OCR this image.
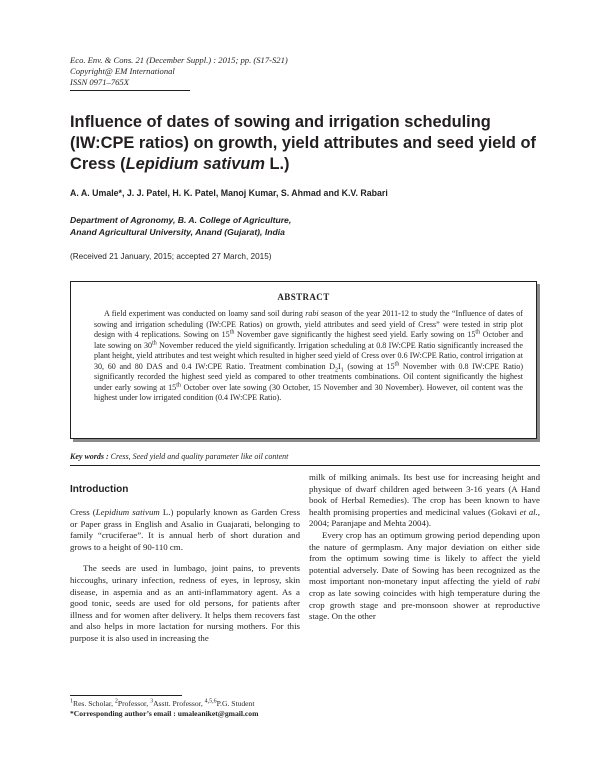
Eco. Env. & Cons. 21 (December Suppl.) : 2015; pp. (S17-S21)
Copyright@ EM International
ISSN 0971–765X
Influence of dates of sowing and irrigation scheduling (IW:CPE ratios) on growth, yield attributes and seed yield of Cress (Lepidium sativum L.)
A. A. Umale*, J. J. Patel, H. K. Patel, Manoj Kumar, S. Ahmad and K.V. Rabari
Department of Agronomy, B. A. College of Agriculture,
Anand Agricultural University, Anand (Gujarat), India
(Received 21 January, 2015; accepted 27 March, 2015)
ABSTRACT

A field experiment was conducted on loamy sand soil during rabi season of the year 2011-12 to study the “Influence of dates of sowing and irrigation scheduling (IW:CPE Ratios) on growth, yield attributes and seed yield of Cress” were tested in strip plot design with 4 replications. Sowing on 15th November gave significantly the highest seed yield. Early sowing on 15th October and late sowing on 30th November reduced the yield significantly. Irrigation scheduling at 0.8 IW:CPE Ratio significantly increased the plant height, yield attributes and test weight which resulted in higher seed yield of Cress over 0.6 IW:CPE Ratio, control irrigation at 30, 60 and 80 DAS and 0.4 IW:CPE Ratio. Treatment combination $D_2I_1$ (sowing at 15th November with 0.8 IW:CPE Ratio) significantly recorded the highest seed yield as compared to other treatments combinations. Oil content significantly the highest under early sowing at 15th October over late sowing (30 October, 15 November and 30 November). However, oil content was the highest under low irrigated condition (0.4 IW:CPE Ratio).

Key words : Cress, Seed yield and quality parameter like oil content
Introduction

Cress (Lepidium sativum L.) popularly known as Garden Cress or Paper grass in English and Asalio in Guajarati, belonging to family “cruciferae”. It is annual herb of short duration and grows to a height of 90-110 cm.

The seeds are used in lumbago, joint pains, to prevents hiccoughs, urinary infection, redness of eyes, in leprosy, skin disease, in aspemia and as an anti-inflammatory agent. As a good tonic, seeds are used for old persons, for patients after illness and for women after delivery. It helps them recovers fast and also helps in more lactation for nursing mothers. For this purpose it is also used in increasing the

milk of milking animals. Its best use for increasing height and physique of dwarf children aged between 3-16 years (A Hand book of Herbal Remedies). The crop has been known to have health promising properties and medicinal values (Gokavi et al., 2004; Paranjape and Mehta 2004).

Every crop has an optimum growing period depending upon the nature of germplasm. Any major deviation on either side from the optimum sowing time is likely to affect the yield potential adversely. Date of Sowing has been recognized as the most important non-monetary input affecting the yield of rabi crop as late sowing coincides with high temperature during the crop growth stage and pre-monsoon shower at reproductive stage. On the other

$^1$Res. Scholar, $^2$Professor, $^3$Asstt. Professor, $^{4,5,6}$P.G. Student
*Corresponding author’s email : umaleaniket@gmail.com
